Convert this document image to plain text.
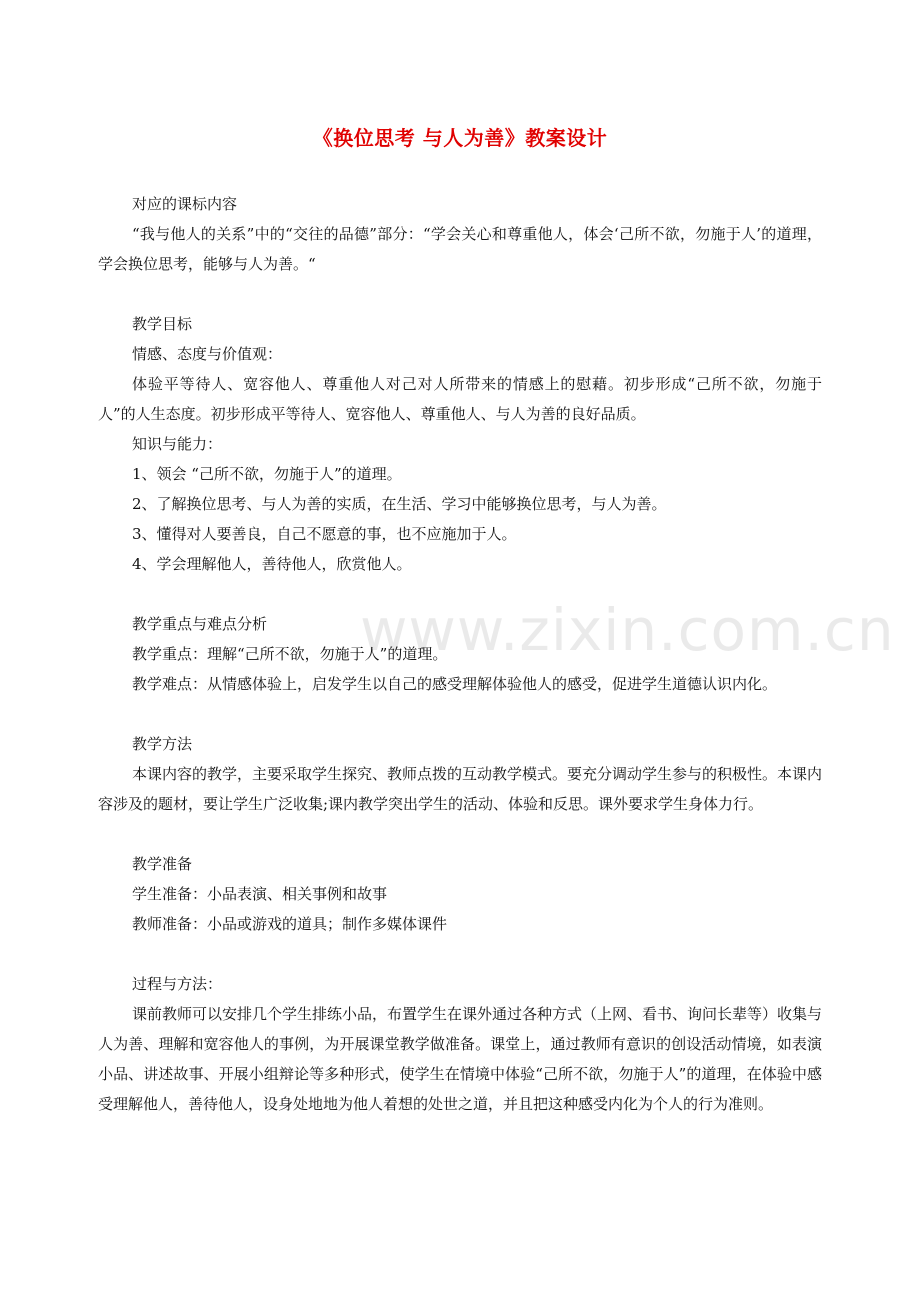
《换位思考 与人为善》教案设计
www.zixin.com.cn

对应的课标内容

“我与他人的关系”中的“交往的品德”部分：“学会关心和尊重他人，体会‘己所不欲，勿施于人’的道理，学会换位思考，能够与人为善。“

教学目标

情感、态度与价值观：

体验平等待人、宽容他人、尊重他人对己对人所带来的情感上的慰藉。初步形成“己所不欲，勿施于人”的人生态度。初步形成平等待人、宽容他人、尊重他人、与人为善的良好品质。

知识与能力：

1、领会 “己所不欲，勿施于人”的道理。

2、了解换位思考、与人为善的实质，在生活、学习中能够换位思考，与人为善。

3、懂得对人要善良，自己不愿意的事，也不应施加于人。

4、学会理解他人，善待他人，欣赏他人。

教学重点与难点分析

教学重点：理解“己所不欲，勿施于人”的道理。

教学难点：从情感体验上，启发学生以自己的感受理解体验他人的感受，促进学生道德认识内化。

教学方法

本课内容的教学，主要采取学生探究、教师点拨的互动教学模式。要充分调动学生参与的积极性。本课内容涉及的题材，要让学生广泛收集;课内教学突出学生的活动、体验和反思。课外要求学生身体力行。

教学准备

学生准备：小品表演、相关事例和故事

教师准备：小品或游戏的道具；制作多媒体课件

过程与方法：

课前教师可以安排几个学生排练小品，布置学生在课外通过各种方式（上网、看书、询问长辈等）收集与人为善、理解和宽容他人的事例，为开展课堂教学做准备。课堂上，通过教师有意识的创设活动情境，如表演小品、讲述故事、开展小组辩论等多种形式，使学生在情境中体验“己所不欲，勿施于人”的道理，在体验中感受理解他人，善待他人，设身处地地为他人着想的处世之道，并且把这种感受内化为个人的行为准则。
